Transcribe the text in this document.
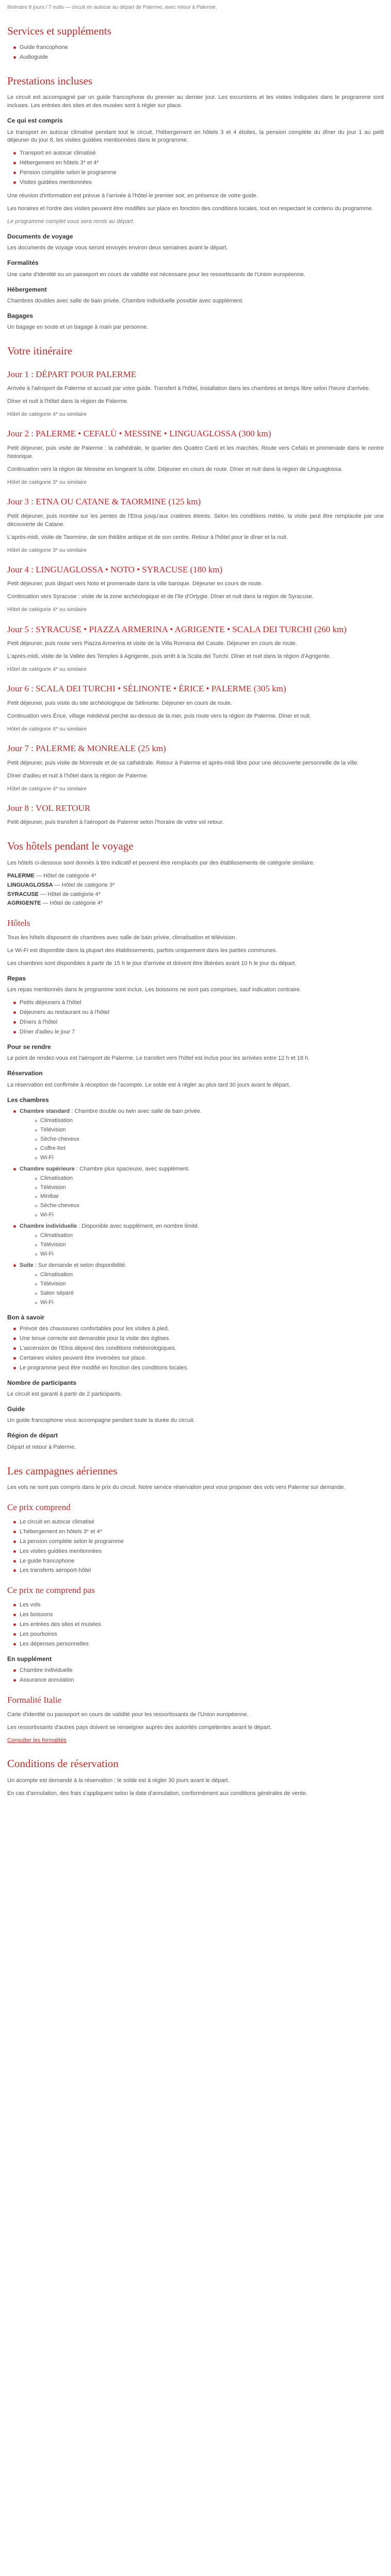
Itinéraire 8 jours / 7 nuits — circuit en autocar au départ de Palerme, avec retour à Palerme.

Services et suppléments
Guide francophone
Audioguide
Prestations incluses

Le circuit est accompagné par un guide francophone du premier au dernier jour. Les excursions et les visites indiquées dans le programme sont incluses. Les entrées des sites et des musées sont à régler sur place.

Ce qui est compris

Le transport en autocar climatisé pendant tout le circuit, l'hébergement en hôtels 3 et 4 étoiles, la pension complète du dîner du jour 1 au petit déjeuner du jour 8, les visites guidées mentionnées dans le programme.

Transport en autocar climatisé
Hébergement en hôtels 3* et 4*
Pension complète selon le programme
Visites guidées mentionnées

Une réunion d'information est prévue à l'arrivée à l'hôtel le premier soir, en présence de votre guide.

Les horaires et l'ordre des visites peuvent être modifiés sur place en fonction des conditions locales, tout en respectant le contenu du programme.

Le programme complet vous sera remis au départ.

Documents de voyage

Les documents de voyage vous seront envoyés environ deux semaines avant le départ.

Formalités

Une carte d'identité ou un passeport en cours de validité est nécessaire pour les ressortissants de l'Union européenne.

Hébergement

Chambres doubles avec salle de bain privée. Chambre individuelle possible avec supplément.

Bagages

Un bagage en soute et un bagage à main par personne.

Votre itinéraire
Jour 1 : DÉPART POUR PALERME

Arrivée à l'aéroport de Palerme et accueil par votre guide. Transfert à l'hôtel, installation dans les chambres et temps libre selon l'heure d'arrivée.

Dîner et nuit à l'hôtel dans la région de Palerme.

Hôtel de catégorie 4* ou similaire

Jour 2 : PALERME • CEFALÙ • MESSINE • LINGUAGLOSSA (300 km)

Petit déjeuner, puis visite de Palerme : la cathédrale, le quartier des Quattro Canti et les marchés. Route vers Cefalù et promenade dans le centre historique.

Continuation vers la région de Messine en longeant la côte. Déjeuner en cours de route. Dîner et nuit dans la région de Linguaglossa.

Hôtel de catégorie 3* ou similaire

Jour 3 : ETNA OU CATANE & TAORMINE (125 km)

Petit déjeuner, puis montée sur les pentes de l'Etna jusqu'aux cratères éteints. Selon les conditions météo, la visite peut être remplacée par une découverte de Catane.

L'après-midi, visite de Taormine, de son théâtre antique et de son centre. Retour à l'hôtel pour le dîner et la nuit.

Hôtel de catégorie 3* ou similaire

Jour 4 : LINGUAGLOSSA • NOTO • SYRACUSE (180 km)

Petit déjeuner, puis départ vers Noto et promenade dans la ville baroque. Déjeuner en cours de route.

Continuation vers Syracuse : visite de la zone archéologique et de l'île d'Ortygie. Dîner et nuit dans la région de Syracuse.

Hôtel de catégorie 4* ou similaire

Jour 5 : SYRACUSE • PIAZZA ARMERINA • AGRIGENTE • SCALA DEI TURCHI (260 km)

Petit déjeuner, puis route vers Piazza Armerina et visite de la Villa Romana del Casale. Déjeuner en cours de route.

L'après-midi, visite de la Vallée des Temples à Agrigente, puis arrêt à la Scala dei Turchi. Dîner et nuit dans la région d'Agrigente.

Hôtel de catégorie 4* ou similaire

Jour 6 : SCALA DEI TURCHI • SÉLINONTE • ÉRICE • PALERME (305 km)

Petit déjeuner, puis visite du site archéologique de Sélinonte. Déjeuner en cours de route.

Continuation vers Érice, village médiéval perché au-dessus de la mer, puis route vers la région de Palerme. Dîner et nuit.

Hôtel de catégorie 4* ou similaire

Jour 7 : PALERME & MONREALE (25 km)

Petit déjeuner, puis visite de Monreale et de sa cathédrale. Retour à Palerme et après-midi libre pour une découverte personnelle de la ville.

Dîner d'adieu et nuit à l'hôtel dans la région de Palerme.

Hôtel de catégorie 4* ou similaire

Jour 8 : VOL RETOUR

Petit déjeuner, puis transfert à l'aéroport de Palerme selon l'horaire de votre vol retour.

Vos hôtels pendant le voyage

Les hôtels ci-dessous sont donnés à titre indicatif et peuvent être remplacés par des établissements de catégorie similaire.

PALERME — Hôtel de catégorie 4*
LINGUAGLOSSA — Hôtel de catégorie 3*
SYRACUSE — Hôtel de catégorie 4*
AGRIGENTE — Hôtel de catégorie 4*
Hôtels

Tous les hôtels disposent de chambres avec salle de bain privée, climatisation et télévision.

Le Wi-Fi est disponible dans la plupart des établissements, parfois uniquement dans les parties communes.

Les chambres sont disponibles à partir de 15 h le jour d'arrivée et doivent être libérées avant 10 h le jour du départ.

Repas

Les repas mentionnés dans le programme sont inclus. Les boissons ne sont pas comprises, sauf indication contraire.

Petits déjeuners à l'hôtel
Déjeuners au restaurant ou à l'hôtel
Dîners à l'hôtel
Dîner d'adieu le jour 7
Pour se rendre

Le point de rendez-vous est l'aéroport de Palerme. Le transfert vers l'hôtel est inclus pour les arrivées entre 12 h et 18 h.

Réservation

La réservation est confirmée à réception de l'acompte. Le solde est à régler au plus tard 30 jours avant le départ.

Les chambres
Chambre standard : Chambre double ou twin avec salle de bain privée.
Climatisation
Télévision
Sèche-cheveux
Coffre-fort
Wi-Fi
Chambre supérieure : Chambre plus spacieuse, avec supplément.
Climatisation
Télévision
Minibar
Sèche-cheveux
Wi-Fi
Chambre individuelle : Disponible avec supplément, en nombre limité.
Climatisation
Télévision
Wi-Fi
Suite : Sur demande et selon disponibilité.
Climatisation
Télévision
Salon séparé
Wi-Fi
Bon à savoir
Prévoir des chaussures confortables pour les visites à pied.
Une tenue correcte est demandée pour la visite des églises.
L'ascension de l'Etna dépend des conditions météorologiques.
Certaines visites peuvent être inversées sur place.
Le programme peut être modifié en fonction des conditions locales.
Nombre de participants

Le circuit est garanti à partir de 2 participants.

Guide

Un guide francophone vous accompagne pendant toute la durée du circuit.

Région de départ

Départ et retour à Palerme.

Les campagnes aériennes

Les vols ne sont pas compris dans le prix du circuit. Notre service réservation peut vous proposer des vols vers Palerme sur demande.

Ce prix comprend
Le circuit en autocar climatisé
L'hébergement en hôtels 3* et 4*
La pension complète selon le programme
Les visites guidées mentionnées
Le guide francophone
Les transferts aéroport-hôtel
Ce prix ne comprend pas
Les vols
Les boissons
Les entrées des sites et musées
Les pourboires
Les dépenses personnelles
En supplément
Chambre individuelle
Assurance annulation
Formalité Italie

Carte d'identité ou passeport en cours de validité pour les ressortissants de l'Union européenne.

Les ressortissants d'autres pays doivent se renseigner auprès des autorités compétentes avant le départ.

Consulter les formalités

Conditions de réservation

Un acompte est demandé à la réservation ; le solde est à régler 30 jours avant le départ.

En cas d'annulation, des frais s'appliquent selon la date d'annulation, conformément aux conditions générales de vente.
